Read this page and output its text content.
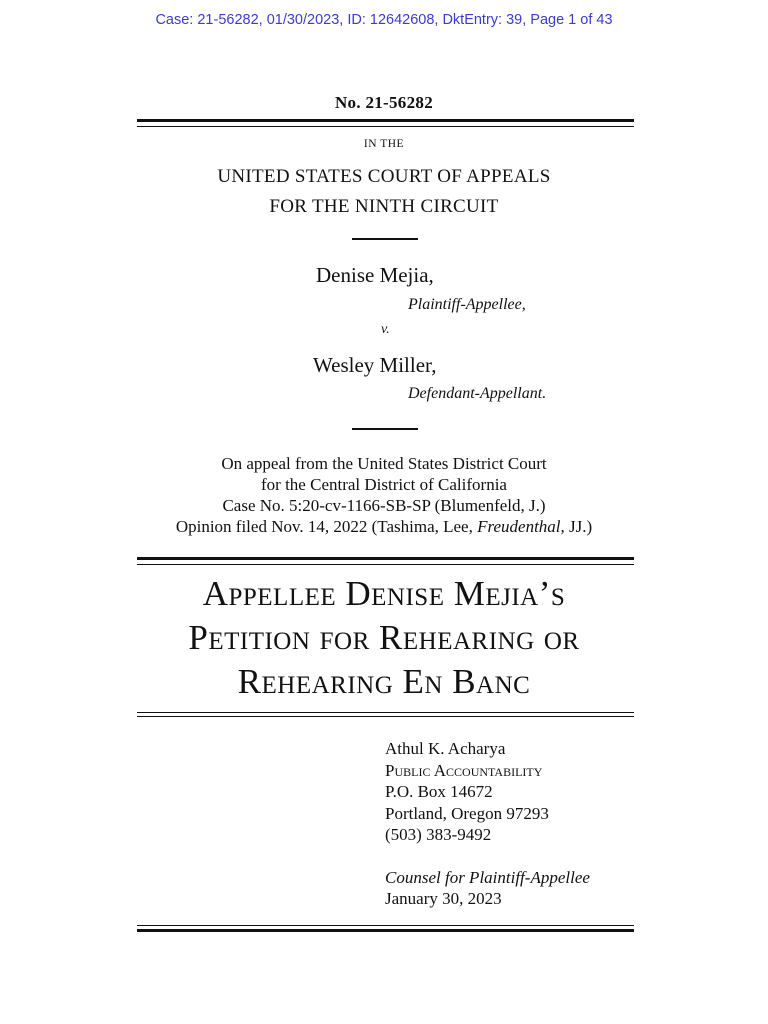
Case: 21-56282, 01/30/2023, ID: 12642608, DktEntry: 39, Page 1 of 43
No. 21-56282
IN THE
UNITED STATES COURT OF APPEALS
FOR THE NINTH CIRCUIT
Denise Mejia,
Plaintiff-Appellee,
v.
Wesley Miller,
Defendant-Appellant.
On appeal from the United States District Court
for the Central District of California
Case No. 5:20-cv-1166-SB-SP (Blumenfeld, J.)
Opinion filed Nov. 14, 2022 (Tashima, Lee, Freudenthal, JJ.)
Appellee Denise Mejia’s
Petition for Rehearing or
Rehearing En Banc
Athul K. Acharya
Public Accountability
P.O. Box 14672
Portland, Oregon 97293
(503) 383-9492
Counsel for Plaintiff-Appellee
January 30, 2023
